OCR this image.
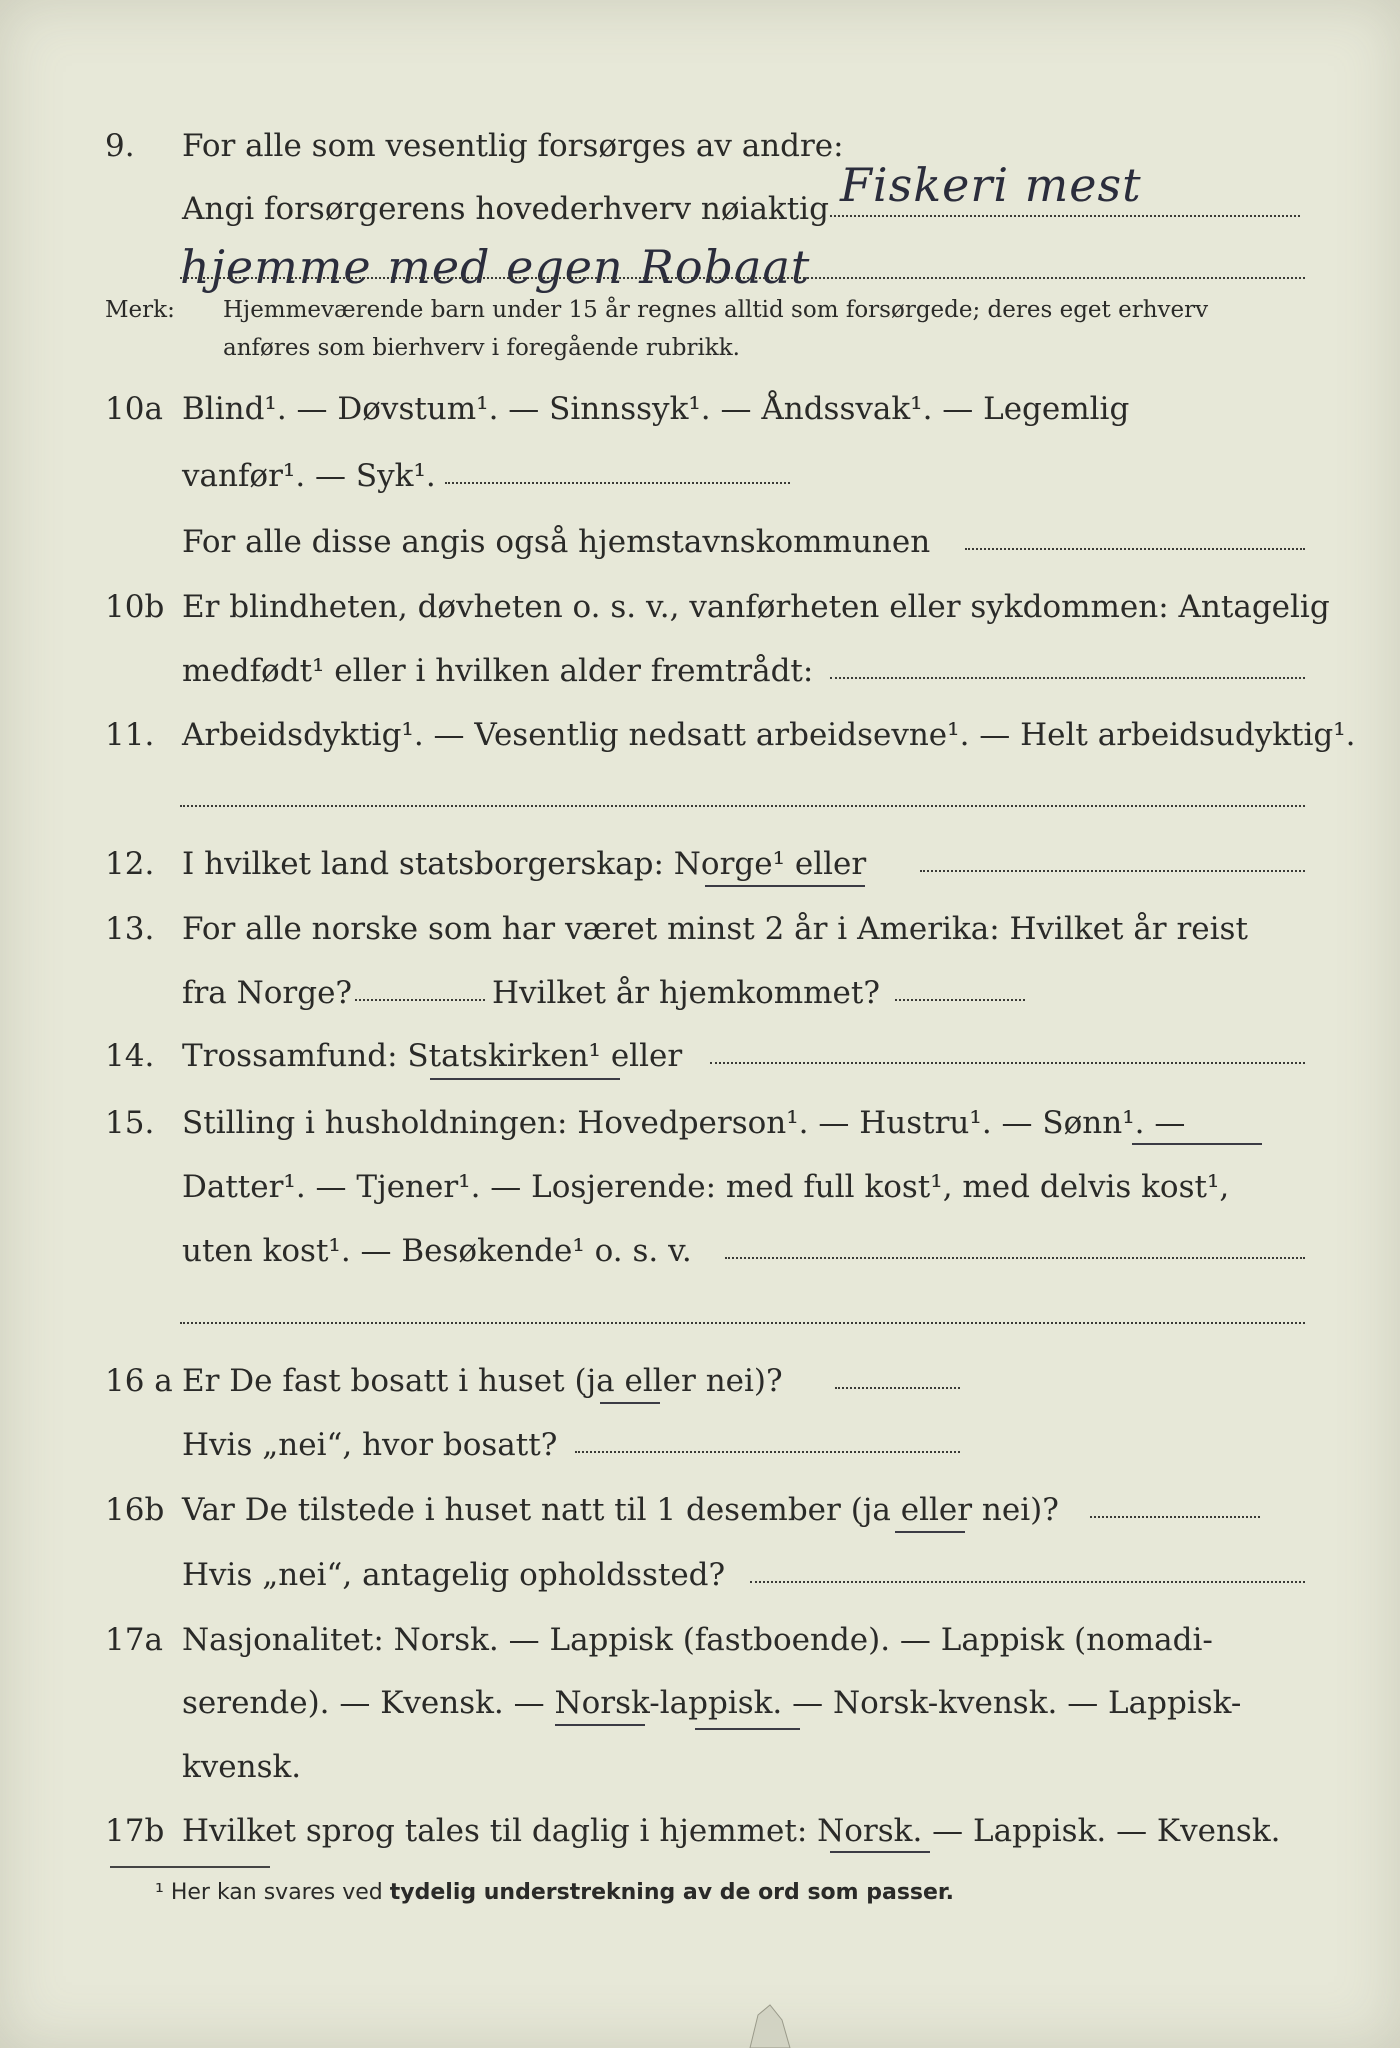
9.	For alle som vesentlig forsørges av andre:
Fiskeri mest
Angi forsørgerens hovederhverv nøiaktig
hjemme med egen Robaat
Merk:	Hjemmeværende barn under 15 år regnes alltid som forsørgede; deres eget erhverv
anføres som bierhverv i foregående rubrikk.
10a Blind¹. — Døvstum¹. — Sinnssyk¹. — Åndssvak¹. — Legemlig
vanfør¹. — Syk¹.
For alle disse angis også hjemstavnskommunen
10b Er blindheten, døvheten o. s. v., vanførheten eller sykdommen: Antagelig
medfødt¹ eller i hvilken alder fremtrådt:
11. Arbeidsdyktig¹. — Vesentlig nedsatt arbeidsevne¹. — Helt arbeidsudyktig¹.
12. I hvilket land statsborgerskap: Norge¹ eller
13. For alle norske som har været minst 2 år i Amerika: Hvilket år reist
fra Norge?	Hvilket år hjemkommet?
14. Trossamfund: Statskirken¹ eller
15. Stilling i husholdningen: Hovedperson¹. — Hustru¹. — Sønn¹. —
Datter¹. — Tjener¹. — Losjerende: med full kost¹, med delvis kost¹,
uten kost¹. — Besøkende¹ o. s. v.
16 a Er De fast bosatt i huset (ja eller nei)?
Hvis „nei“, hvor bosatt?
16b Var De tilstede i huset natt til 1 desember (ja eller nei)?
Hvis „nei“, antagelig opholdssted?
17a Nasjonalitet: Norsk. — Lappisk (fastboende). — Lappisk (nomadi-
serende). — Kvensk. — Norsk-lappisk. — Norsk-kvensk. — Lappisk-
kvensk.
17b Hvilket sprog tales til daglig i hjemmet: Norsk. — Lappisk. — Kvensk.
¹ Her kan svares ved tydelig understrekning av de ord som passer.
